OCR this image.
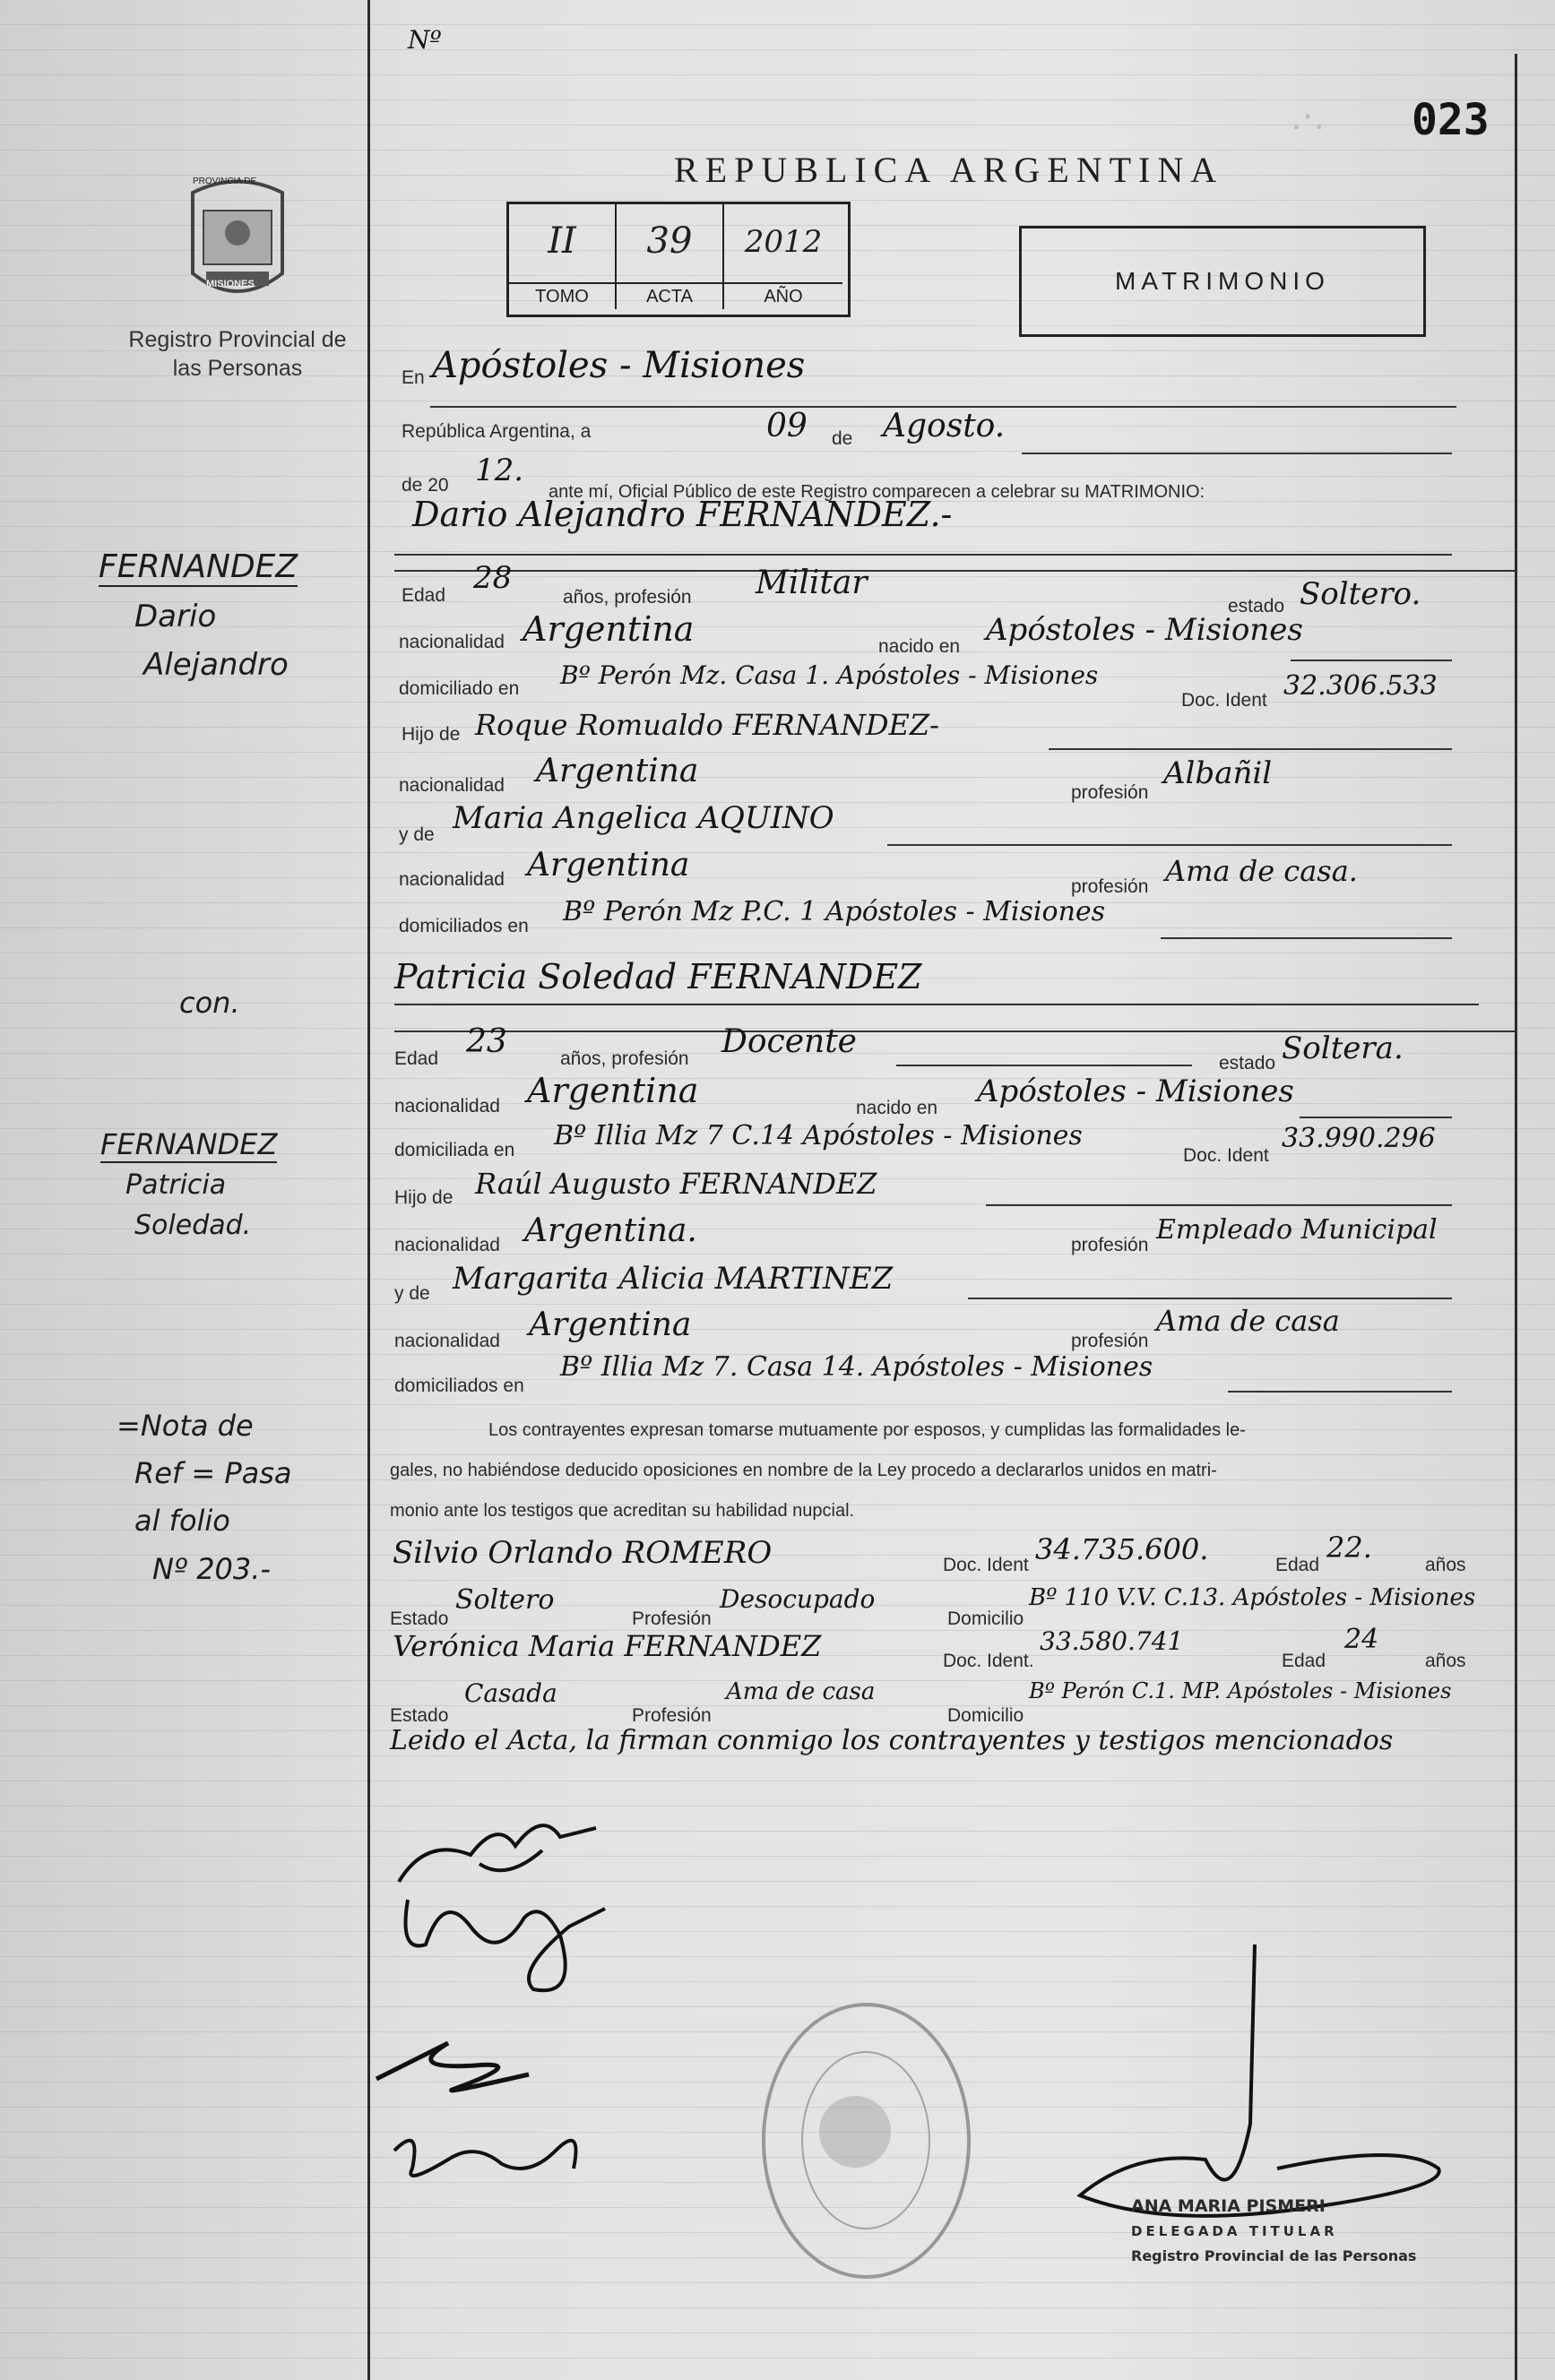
Nº
.·. 023
REPUBLICA ARGENTINA
PROVINCIA DE
MISIONES
Registro Provincial de las Personas
II
TOMO
39
ACTA
2012
AÑO
MATRIMONIO
En Apóstoles - Misiones
República Argentina, a	09 de Agosto.
de 20 12.
ante mí, Oficial Público de este Registro comparecen a celebrar su MATRIMONIO:
Dario Alejandro FERNANDEZ.-
Edad 28
años, profesión Militar
estado Soltero.
nacionalidad Argentina	nacido en Apóstoles - Misiones
domiciliado en Bº Perón Mz. Casa 1. Apóstoles - Misiones
Doc. Ident 32.306.533
Hijo de Roque Romualdo FERNANDEZ-
nacionalidad Argentina
profesión
Albañil
y de Maria Angelica AQUINO
nacionalidad Argentina
profesión Ama de casa.
domiciliados en Bº Perón Mz P.C. 1 Apóstoles - Misiones
Patricia Soledad FERNANDEZ
Edad 23	años, profesión Docente
estado Soltera.
nacionalidad Argentina	nacido en Apóstoles - Misiones
domiciliada en Bº Illia Mz 7 C.14 Apóstoles - Misiones
Doc. Ident
33.990.296
Hijo de Raúl Augusto FERNANDEZ
nacionalidad Argentina.	profesión Empleado Municipal
y de Margarita Alicia MARTINEZ
nacionalidad Argentina	profesión
Ama de casa
domiciliados en
Bº Illia Mz 7. Casa 14. Apóstoles - Misiones
Los contrayentes expresan tomarse mutuamente por esposos, y cumplidas las formalidades le-
gales, no habiéndose deducido oposiciones en nombre de la Ley procedo a declararlos unidos en matri-
monio ante los testigos que acreditan su habilidad nupcial.
Silvio Orlando ROMERO	Doc. Ident 34.735.600.	Edad
22.
años
Estado
Soltero
Profesión
Desocupado
Domicilio
Bº 110 V.V. C.13. Apóstoles - Misiones
Verónica Maria FERNANDEZ	Doc. Ident.
33.580.741
Edad
24
años
Estado
Casada
Profesión
Ama de casa
Domicilio
Bº Perón C.1. MP. Apóstoles - Misiones
Leido el Acta, la firman conmigo los contrayentes y testigos mencionados
FERNANDEZ
Dario
Alejandro
con.
FERNANDEZ
Patricia
Soledad.
=Nota de
Ref = Pasa
al folio
Nº 203.-
ANA MARIA PISMERI
DELEGADA TITULAR
Registro Provincial de las Personas
